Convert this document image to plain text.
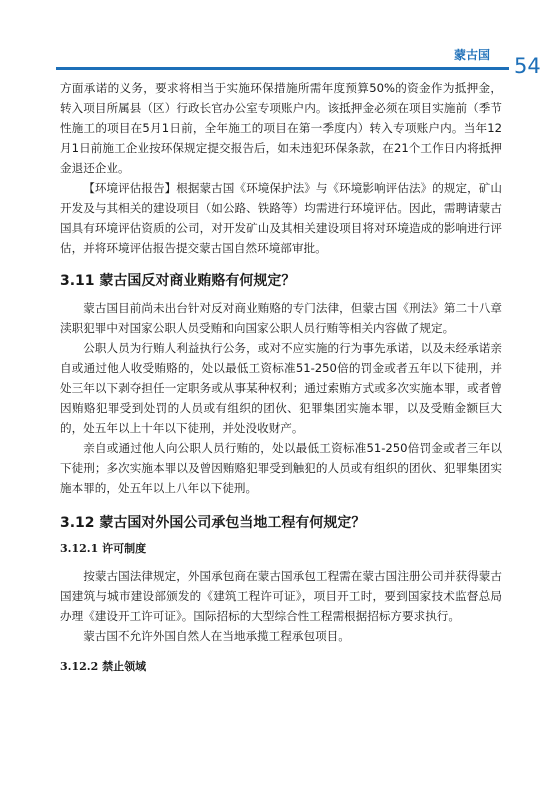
蒙古国 54

方面承诺的义务，要求将相当于实施环保措施所需年度预算50%的资金作为抵押金，转入项目所属县（区）行政长官办公室专项账户内。该抵押金必须在项目实施前（季节性施工的项目在5月1日前，全年施工的项目在第一季度内）转入专项账户内。当年12月1日前施工企业按环保规定提交报告后，如未违犯环保条款，在21个工作日内将抵押金退还企业。

【环境评估报告】根据蒙古国《环境保护法》与《环境影响评估法》的规定，矿山开发及与其相关的建设项目（如公路、铁路等）均需进行环境评估。因此，需聘请蒙古国具有环境评估资质的公司，对开发矿山及其相关建设项目将对环境造成的影响进行评估，并将环境评估报告提交蒙古国自然环境部审批。

3.11 蒙古国反对商业贿赂有何规定？

蒙古国目前尚未出台针对反对商业贿赂的专门法律，但蒙古国《刑法》第二十八章渎职犯罪中对国家公职人员受贿和向国家公职人员行贿等相关内容做了规定。

公职人员为行贿人利益执行公务，或对不应实施的行为事先承诺，以及未经承诺亲自或通过他人收受贿赂的，处以最低工资标准51-250倍的罚金或者五年以下徒刑，并处三年以下剥夺担任一定职务或从事某种权利；通过索贿方式或多次实施本罪，或者曾因贿赂犯罪受到处罚的人员或有组织的团伙、犯罪集团实施本罪，以及受贿金额巨大的，处五年以上十年以下徒刑，并处没收财产。

亲自或通过他人向公职人员行贿的，处以最低工资标准51-250倍罚金或者三年以下徒刑；多次实施本罪以及曾因贿赂犯罪受到触犯的人员或有组织的团伙、犯罪集团实施本罪的，处五年以上八年以下徒刑。

3.12 蒙古国对外国公司承包当地工程有何规定？
3.12.1 许可制度

按蒙古国法律规定，外国承包商在蒙古国承包工程需在蒙古国注册公司并获得蒙古国建筑与城市建设部颁发的《建筑工程许可证》，项目开工时，要到国家技术监督总局办理《建设开工许可证》。国际招标的大型综合性工程需根据招标方要求执行。

蒙古国不允许外国自然人在当地承揽工程承包项目。

3.12.2 禁止领域
